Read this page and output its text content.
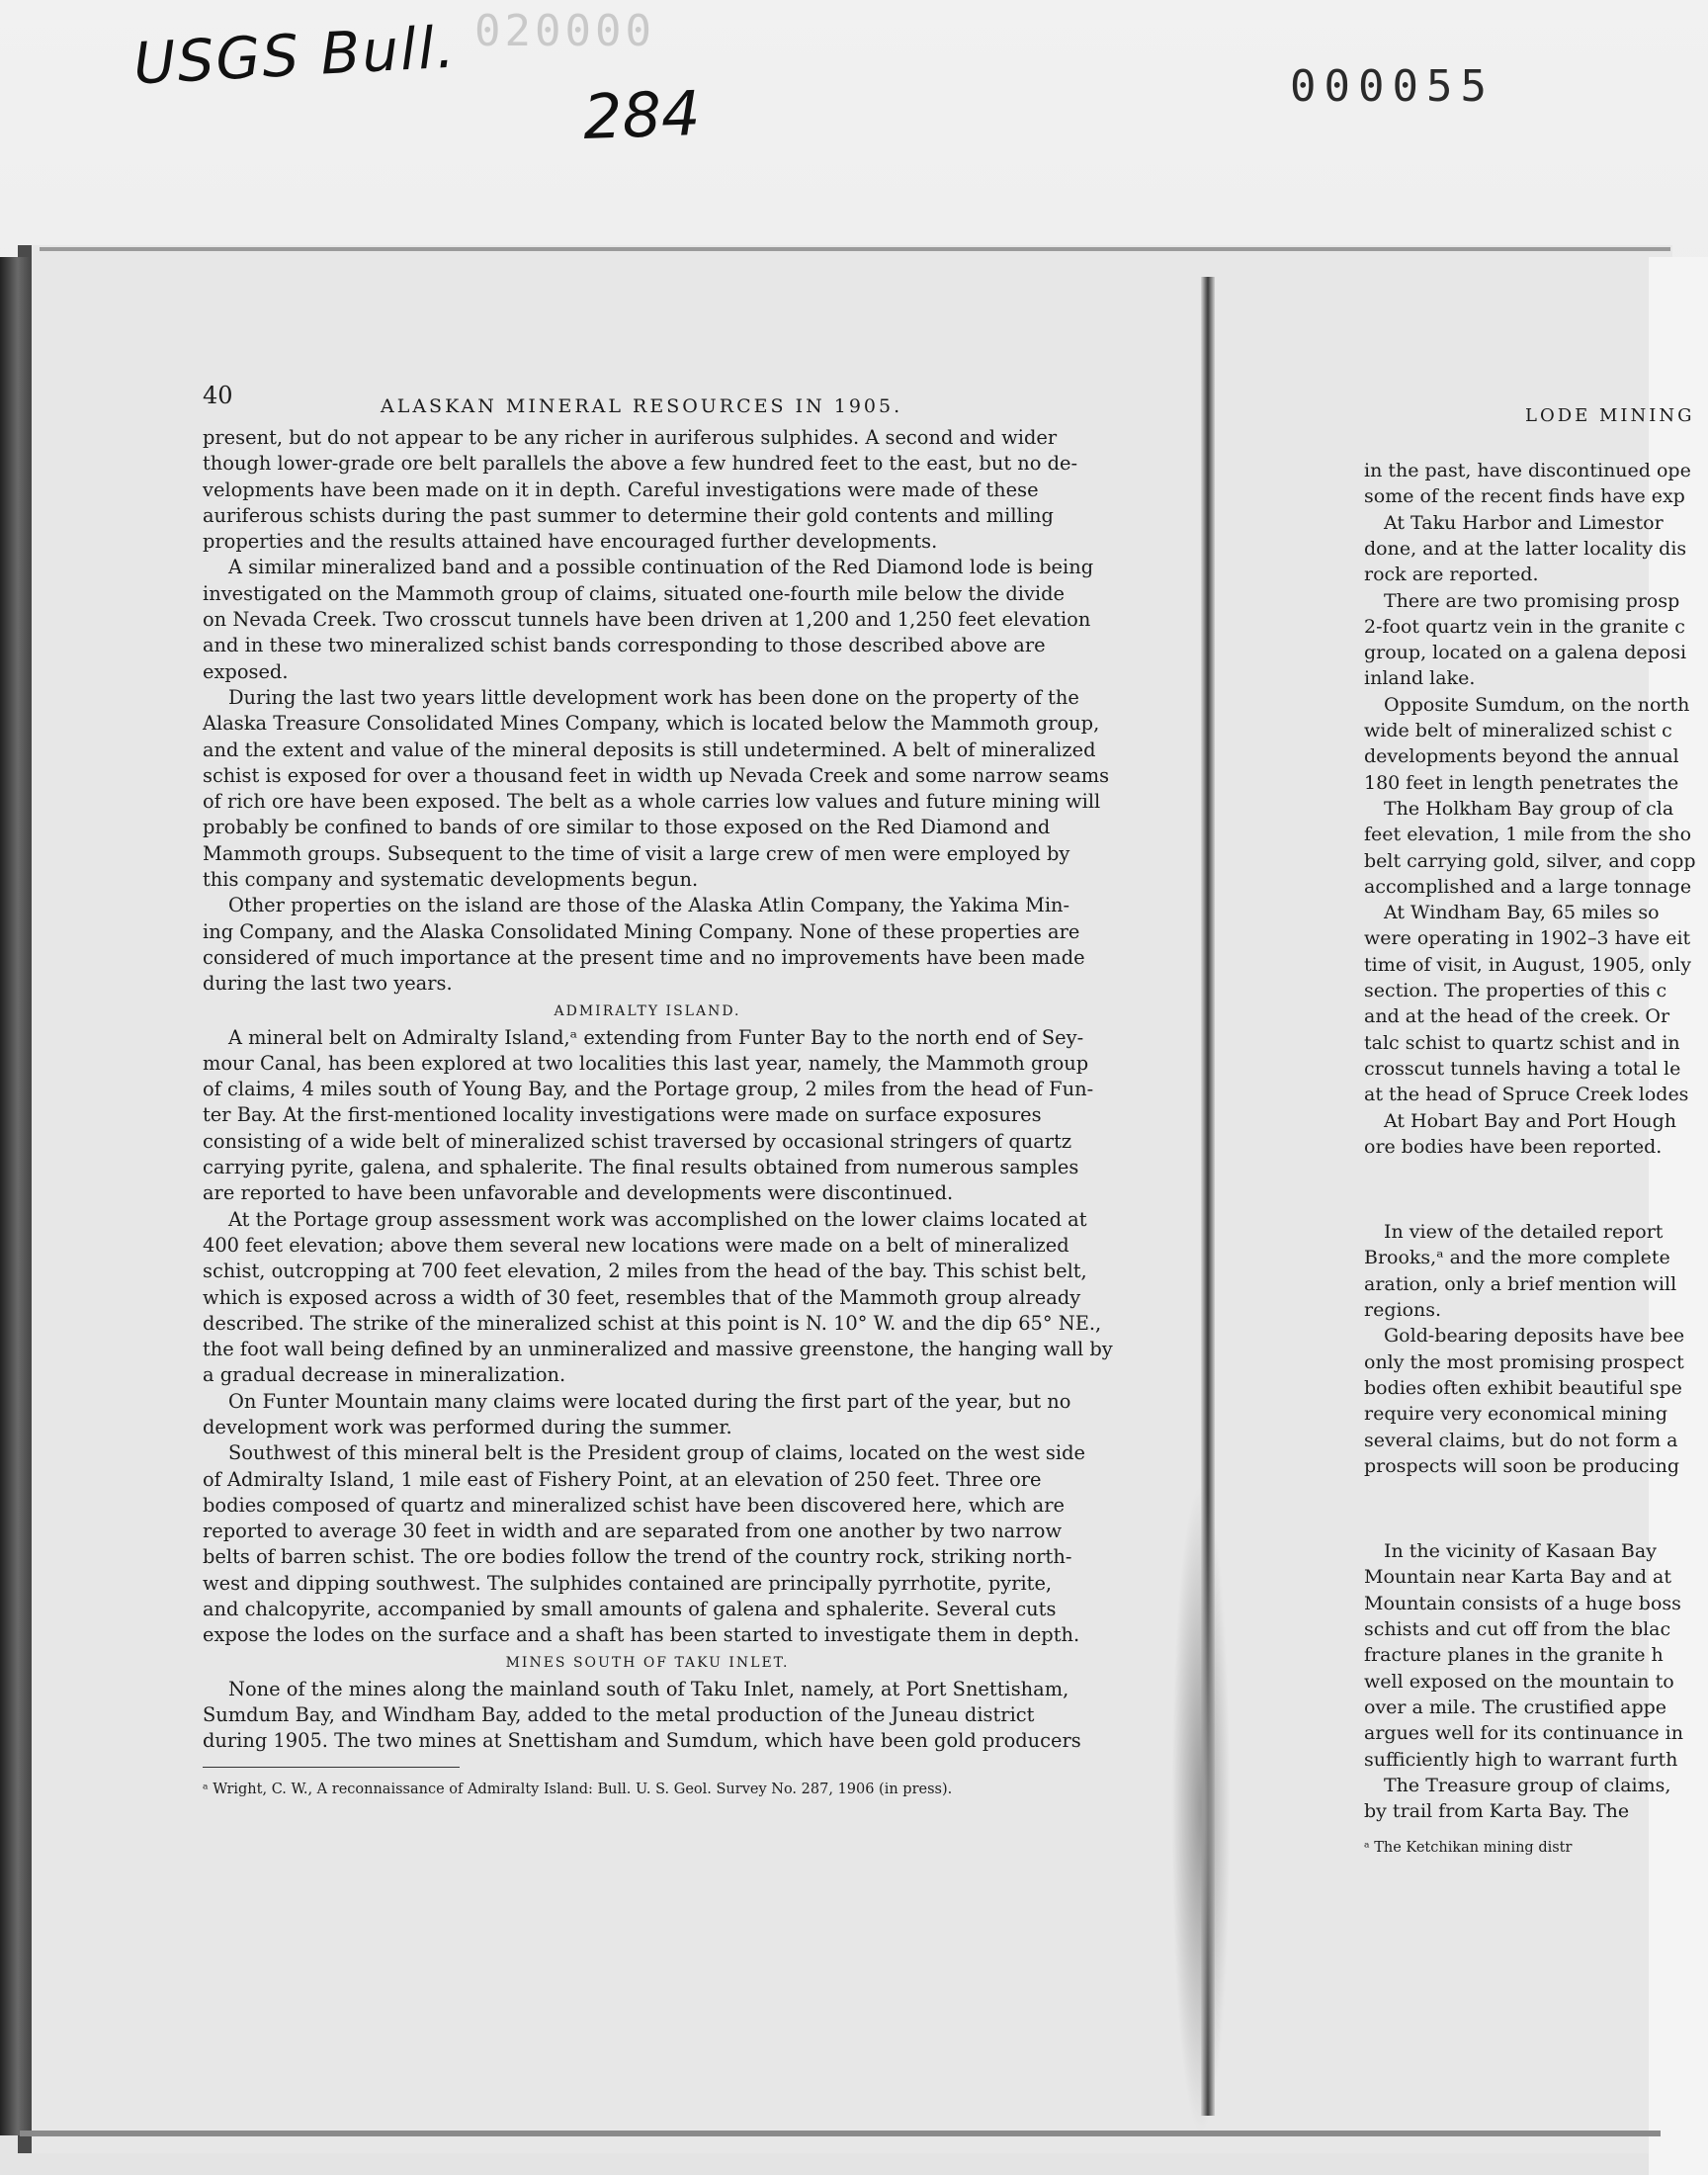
020000
USGS Bull.
284	000055
40	ALASKAN MINERAL RESOURCES IN 1905.

present, but do not appear to be any richer in auriferous sulphides. A second and wider

though lower-grade ore belt parallels the above a few hundred feet to the east, but no de-

velopments have been made on it in depth. Careful investigations were made of these

auriferous schists during the past summer to determine their gold contents and milling

properties and the results attained have encouraged further developments.

A similar mineralized band and a possible continuation of the Red Diamond lode is being

investigated on the Mammoth group of claims, situated one-fourth mile below the divide

on Nevada Creek. Two crosscut tunnels have been driven at 1,200 and 1,250 feet elevation

and in these two mineralized schist bands corresponding to those described above are

exposed.

During the last two years little development work has been done on the property of the

Alaska Treasure Consolidated Mines Company, which is located below the Mammoth group,

and the extent and value of the mineral deposits is still undetermined. A belt of mineralized

schist is exposed for over a thousand feet in width up Nevada Creek and some narrow seams

of rich ore have been exposed. The belt as a whole carries low values and future mining will

probably be confined to bands of ore similar to those exposed on the Red Diamond and

Mammoth groups. Subsequent to the time of visit a large crew of men were employed by

this company and systematic developments begun.

Other properties on the island are those of the Alaska Atlin Company, the Yakima Min-

ing Company, and the Alaska Consolidated Mining Company. None of these properties are

considered of much importance at the present time and no improvements have been made

during the last two years.

ADMIRALTY ISLAND.

A mineral belt on Admiralty Island,ᵃ extending from Funter Bay to the north end of Sey-

mour Canal, has been explored at two localities this last year, namely, the Mammoth group

of claims, 4 miles south of Young Bay, and the Portage group, 2 miles from the head of Fun-

ter Bay. At the first-mentioned locality investigations were made on surface exposures

consisting of a wide belt of mineralized schist traversed by occasional stringers of quartz

carrying pyrite, galena, and sphalerite. The final results obtained from numerous samples

are reported to have been unfavorable and developments were discontinued.

At the Portage group assessment work was accomplished on the lower claims located at

400 feet elevation; above them several new locations were made on a belt of mineralized

schist, outcropping at 700 feet elevation, 2 miles from the head of the bay. This schist belt,

which is exposed across a width of 30 feet, resembles that of the Mammoth group already

described. The strike of the mineralized schist at this point is N. 10° W. and the dip 65° NE.,

the foot wall being defined by an unmineralized and massive greenstone, the hanging wall by

a gradual decrease in mineralization.

On Funter Mountain many claims were located during the first part of the year, but no

development work was performed during the summer.

Southwest of this mineral belt is the President group of claims, located on the west side

of Admiralty Island, 1 mile east of Fishery Point, at an elevation of 250 feet. Three ore

bodies composed of quartz and mineralized schist have been discovered here, which are

reported to average 30 feet in width and are separated from one another by two narrow

belts of barren schist. The ore bodies follow the trend of the country rock, striking north-

west and dipping southwest. The sulphides contained are principally pyrrhotite, pyrite,

and chalcopyrite, accompanied by small amounts of galena and sphalerite. Several cuts

expose the lodes on the surface and a shaft has been started to investigate them in depth.

MINES SOUTH OF TAKU INLET.

None of the mines along the mainland south of Taku Inlet, namely, at Port Snettisham,

Sumdum Bay, and Windham Bay, added to the metal production of the Juneau district

during 1905. The two mines at Snettisham and Sumdum, which have been gold producers

ᵃ Wright, C. W., A reconnaissance of Admiralty Island: Bull. U. S. Geol. Survey No. 287, 1906 (in press).
LODE MINING
in the past, have discontinued ope
some of the recent finds have exp
At Taku Harbor and Limestor
done, and at the latter locality dis
rock are reported.
There are two promising prosp
2-foot quartz vein in the granite c
group, located on a galena deposi
inland lake.
Opposite Sumdum, on the north
wide belt of mineralized schist c
developments beyond the annual
180 feet in length penetrates the
The Holkham Bay group of cla
feet elevation, 1 mile from the sho
belt carrying gold, silver, and copp
accomplished and a large tonnage
At Windham Bay, 65 miles so
were operating in 1902–3 have eit
time of visit, in August, 1905, only
section. The properties of this c
and at the head of the creek. Or
talc schist to quartz schist and in
crosscut tunnels having a total le
at the head of Spruce Creek lodes
At Hobart Bay and Port Hough
ore bodies have been reported.
In view of the detailed report
Brooks,ᵃ and the more complete
aration, only a brief mention will
regions.
Gold-bearing deposits have bee
only the most promising prospect
bodies often exhibit beautiful spe
require very economical mining
several claims, but do not form a
prospects will soon be producing
In the vicinity of Kasaan Bay
Mountain near Karta Bay and at
Mountain consists of a huge boss
schists and cut off from the blac
fracture planes in the granite h
well exposed on the mountain to
over a mile. The crustified appe
argues well for its continuance in
sufficiently high to warrant furth
The Treasure group of claims,
by trail from Karta Bay. The
ᵃ The Ketchikan mining distr
